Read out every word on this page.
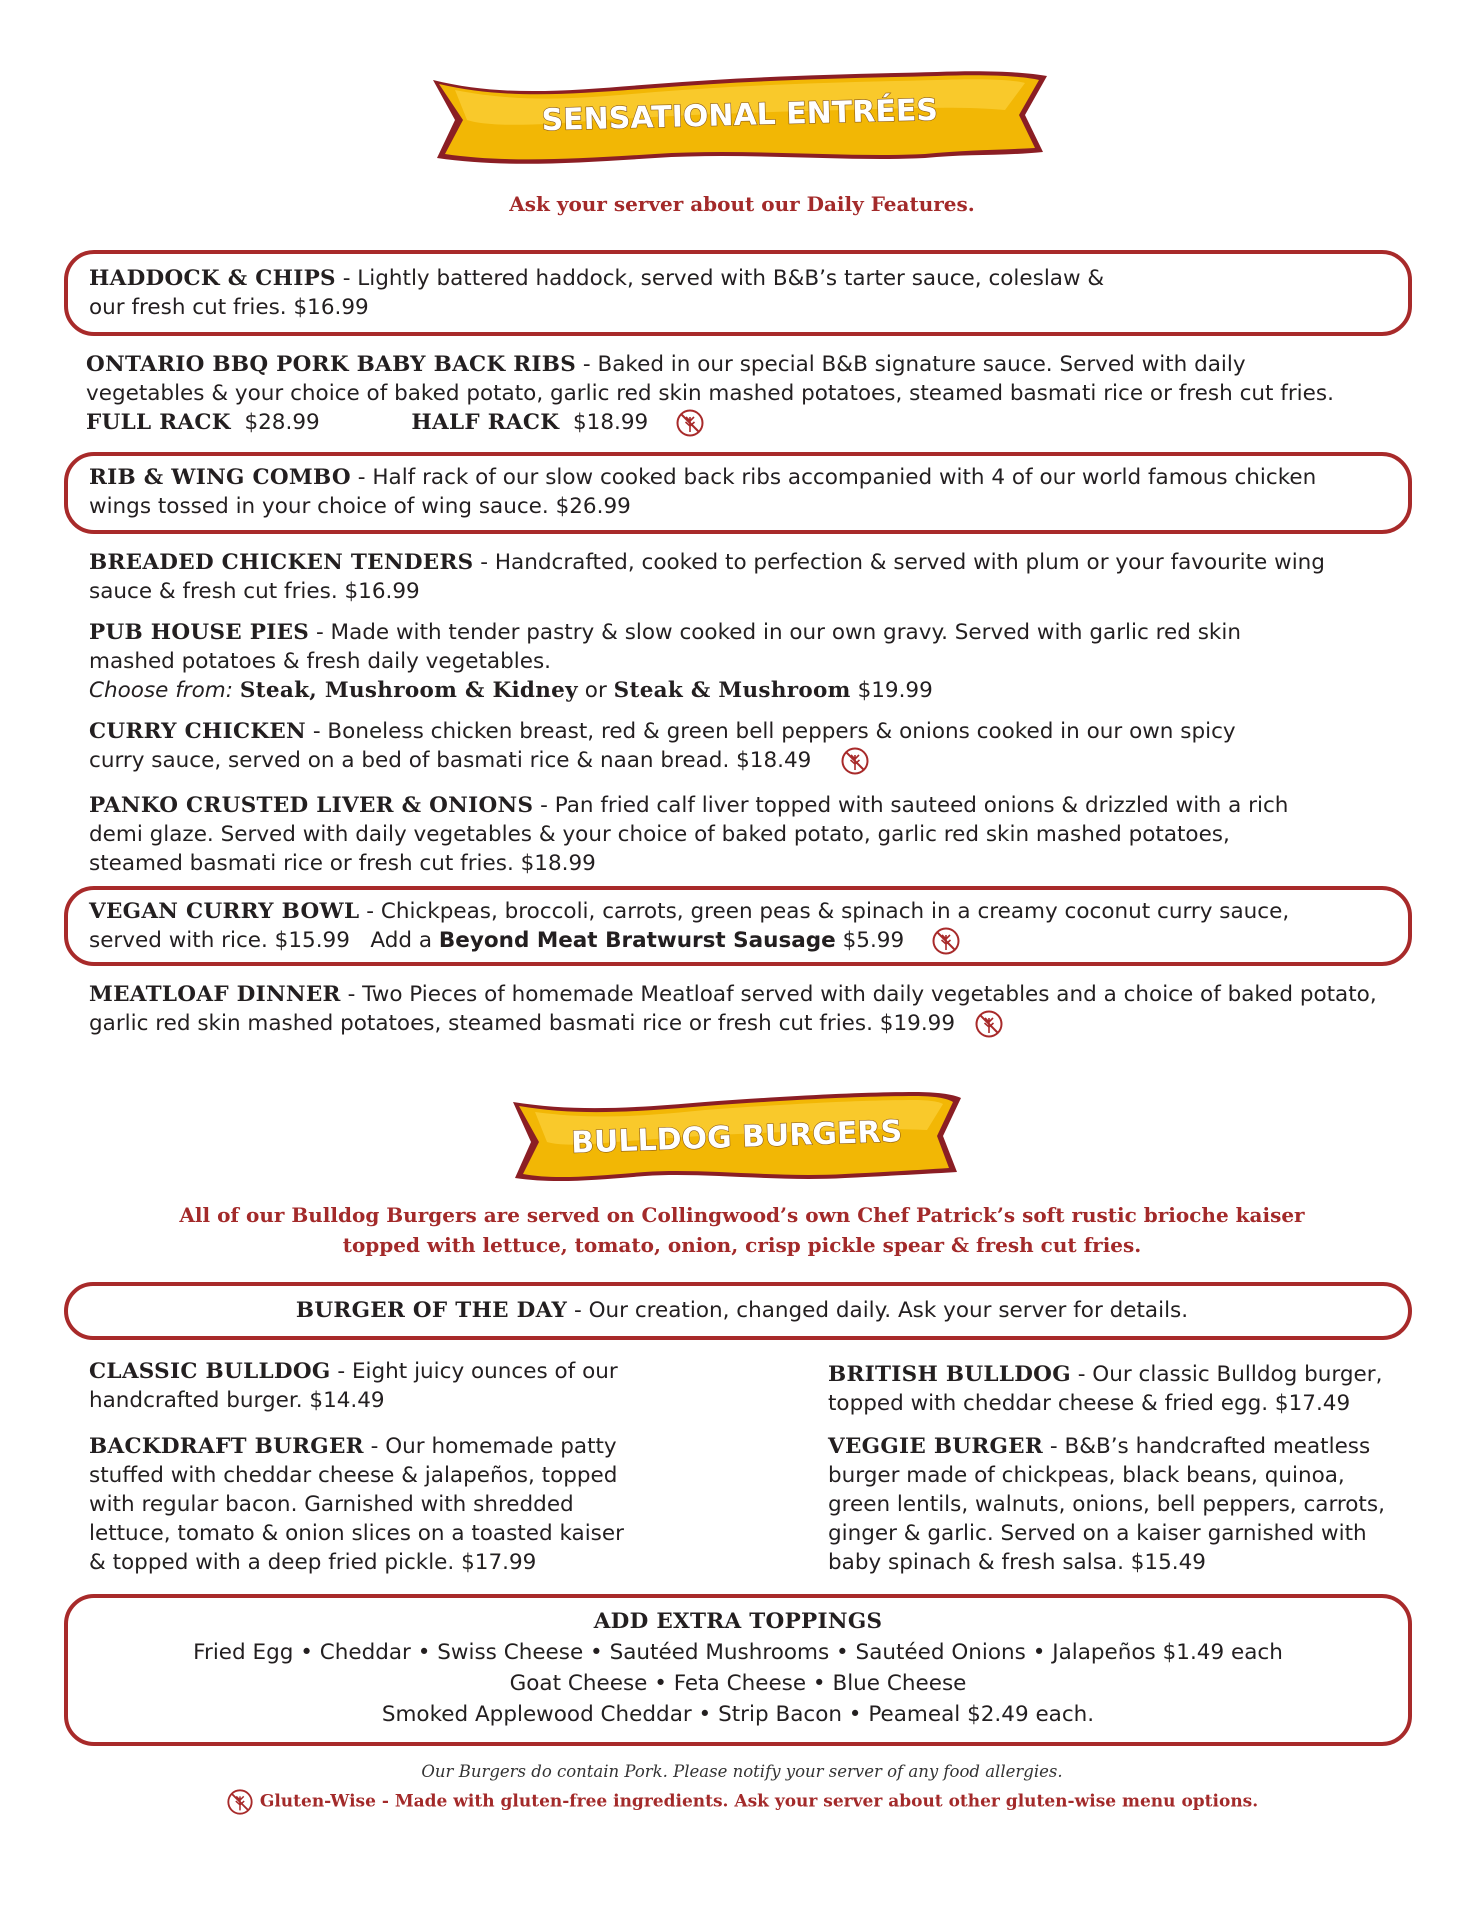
SENSATIONAL ENTRÉES
Ask your server about our Daily Features.
HADDOCK & CHIPS - Lightly battered haddock, served with B&B’s tarter sauce, coleslaw &
our fresh cut fries. $16.99
ONTARIO BBQ PORK BABY BACK RIBS - Baked in our special B&B signature sauce. Served with daily
vegetables & your choice of baked potato, garlic red skin mashed potatoes, steamed basmati rice or fresh cut fries.
FULL RACK $28.99	HALF RACK $18.99
RIB & WING COMBO - Half rack of our slow cooked back ribs accompanied with 4 of our world famous chicken
wings tossed in your choice of wing sauce. $26.99
BREADED CHICKEN TENDERS - Handcrafted, cooked to perfection & served with plum or your favourite wing
sauce & fresh cut fries. $16.99
PUB HOUSE PIES - Made with tender pastry & slow cooked in our own gravy. Served with garlic red skin
mashed potatoes & fresh daily vegetables.
Choose from: Steak, Mushroom & Kidney or Steak & Mushroom $19.99
CURRY CHICKEN - Boneless chicken breast, red & green bell peppers & onions cooked in our own spicy
curry sauce, served on a bed of basmati rice & naan bread. $18.49
PANKO CRUSTED LIVER & ONIONS - Pan fried calf liver topped with sauteed onions & drizzled with a rich
demi glaze. Served with daily vegetables & your choice of baked potato, garlic red skin mashed potatoes,
steamed basmati rice or fresh cut fries. $18.99
VEGAN CURRY BOWL - Chickpeas, broccoli, carrots, green peas & spinach in a creamy coconut curry sauce,
served with rice. $15.99   Add a Beyond Meat Bratwurst Sausage $5.99
MEATLOAF DINNER - Two Pieces of homemade Meatloaf served with daily vegetables and a choice of baked potato,
garlic red skin mashed potatoes, steamed basmati rice or fresh cut fries. $19.99
BULLDOG BURGERS
All of our Bulldog Burgers are served on Collingwood’s own Chef Patrick’s soft rustic brioche kaiser
topped with lettuce, tomato, onion, crisp pickle spear & fresh cut fries.
BURGER OF THE DAY - Our creation, changed daily. Ask your server for details.
CLASSIC BULLDOG - Eight juicy ounces of our
handcrafted burger. $14.49
BACKDRAFT BURGER - Our homemade patty
stuffed with cheddar cheese & jalapeños, topped
with regular bacon. Garnished with shredded
lettuce, tomato & onion slices on a toasted kaiser
& topped with a deep fried pickle. $17.99
BRITISH BULLDOG - Our classic Bulldog burger,
topped with cheddar cheese & fried egg. $17.49
VEGGIE BURGER - B&B’s handcrafted meatless
burger made of chickpeas, black beans, quinoa,
green lentils, walnuts, onions, bell peppers, carrots,
ginger & garlic. Served on a kaiser garnished with
baby spinach & fresh salsa. $15.49
ADD EXTRA TOPPINGS
Fried Egg • Cheddar • Swiss Cheese • Sautéed Mushrooms • Sautéed Onions • Jalapeños $1.49 each
Goat Cheese • Feta Cheese • Blue Cheese
Smoked Applewood Cheddar • Strip Bacon • Peameal $2.49 each.
Our Burgers do contain Pork. Please notify your server of any food allergies.
Gluten-Wise - Made with gluten-free ingredients. Ask your server about other gluten-wise menu options.
